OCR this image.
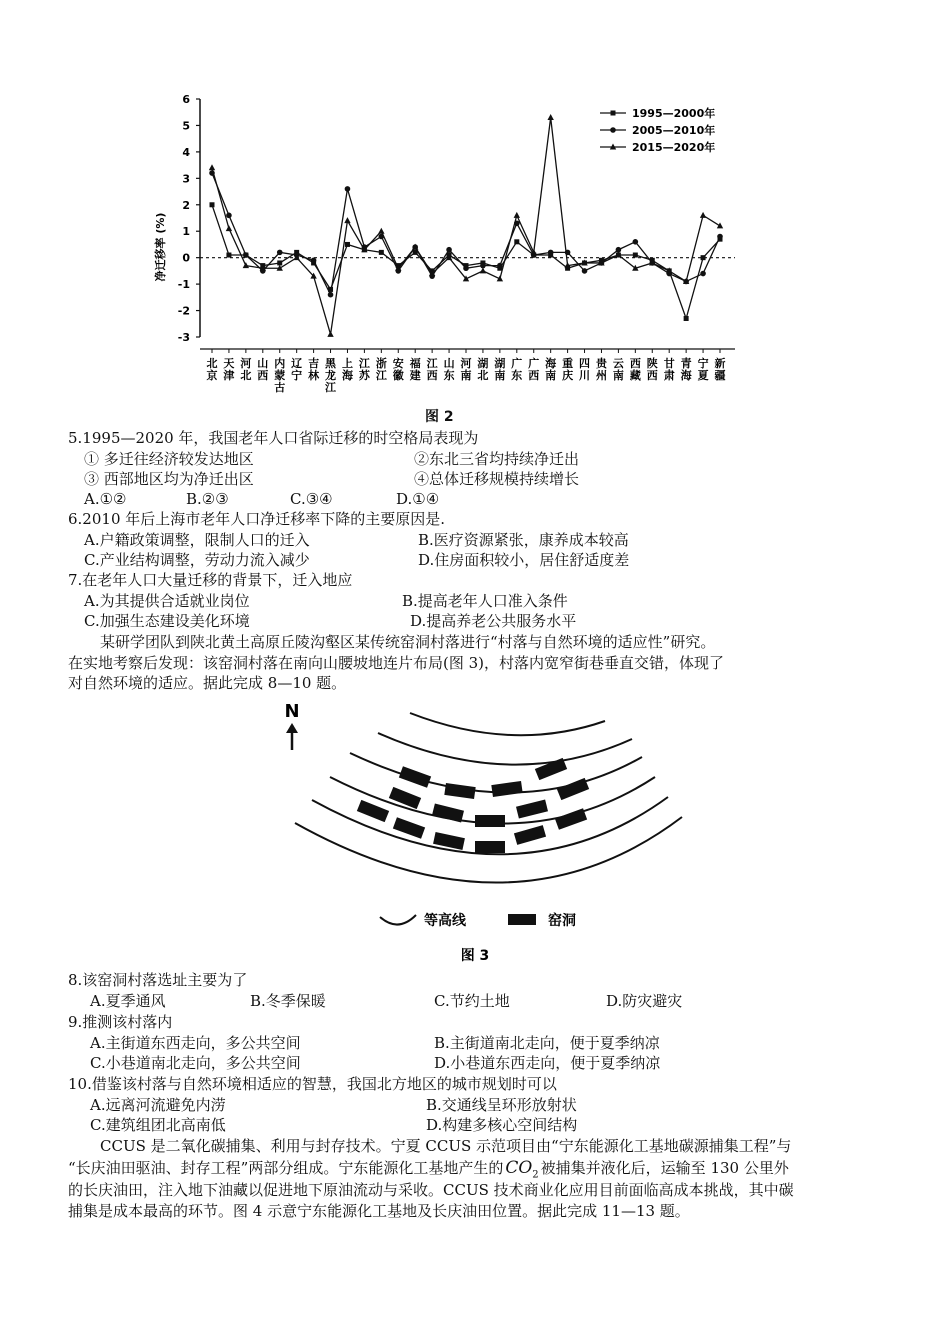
6
5
4
3
2
1
0
-1
-2
-3
净迁移率 (%)
北京
天津
河北
山西
内蒙古
辽宁
吉林
黑龙江
上海
江苏
浙江
安徽
福建
江西
山东
河南
湖北
湖南
广东
广西
海南
重庆
四川
贵州
云南
西藏
陕西
甘肃
青海
宁夏
新疆
1995—2000年
2005—2010年
2015—2020年
图 2
5.1995—2020 年，我国老年人口省际迁移的时空格局表现为
① 多迁往经济较发达地区	②东北三省均持续净迁出
③ 西部地区均为净迁出区	④总体迁移规模持续增长
A.①②	B.②③	C.③④	D.①④
6.2010 年后上海市老年人口净迁移率下降的主要原因是.
A.户籍政策调整，限制人口的迁入	B.医疗资源紧张，康养成本较高
C.产业结构调整，劳动力流入减少	D.住房面积较小，居住舒适度差
7.在老年人口大量迁移的背景下，迁入地应
A.为其提供合适就业岗位	B.提高老年人口准入条件
C.加强生态建设美化环境	D.提高养老公共服务水平
某研学团队到陕北黄土高原丘陵沟壑区某传统窑洞村落进行“村落与自然环境的适应性”研究。
在实地考察后发现：该窑洞村落在南向山腰坡地连片布局(图 3)，村落内宽窄街巷垂直交错，体现了
对自然环境的适应。据此完成 8—10 题。
N
等高线	窑洞
图 3
8.该窑洞村落选址主要为了
A.夏季通风	B.冬季保暖	C.节约土地	D.防灾避灾
9.推测该村落内
A.主街道东西走向，多公共空间	B.主街道南北走向，便于夏季纳凉
C.小巷道南北走向，多公共空间	D.小巷道东西走向，便于夏季纳凉
10.借鉴该村落与自然环境相适应的智慧，我国北方地区的城市规划时可以
A.远离河流避免内涝	B.交通线呈环形放射状
C.建筑组团北高南低	D.构建多核心空间结构
CCUS 是二氧化碳捕集、利用与封存技术。宁夏 CCUS 示范项目由“宁东能源化工基地碳源捕集工程”与
“长庆油田驱油、封存工程”两部分组成。宁东能源化工基地产生的 $CO_2$ 被捕集并液化后，运输至 130 公里外
的长庆油田，注入地下油藏以促进地下原油流动与采收。CCUS 技术商业化应用目前面临高成本挑战，其中碳
捕集是成本最高的环节。图 4 示意宁东能源化工基地及长庆油田位置。据此完成 11—13 题。
